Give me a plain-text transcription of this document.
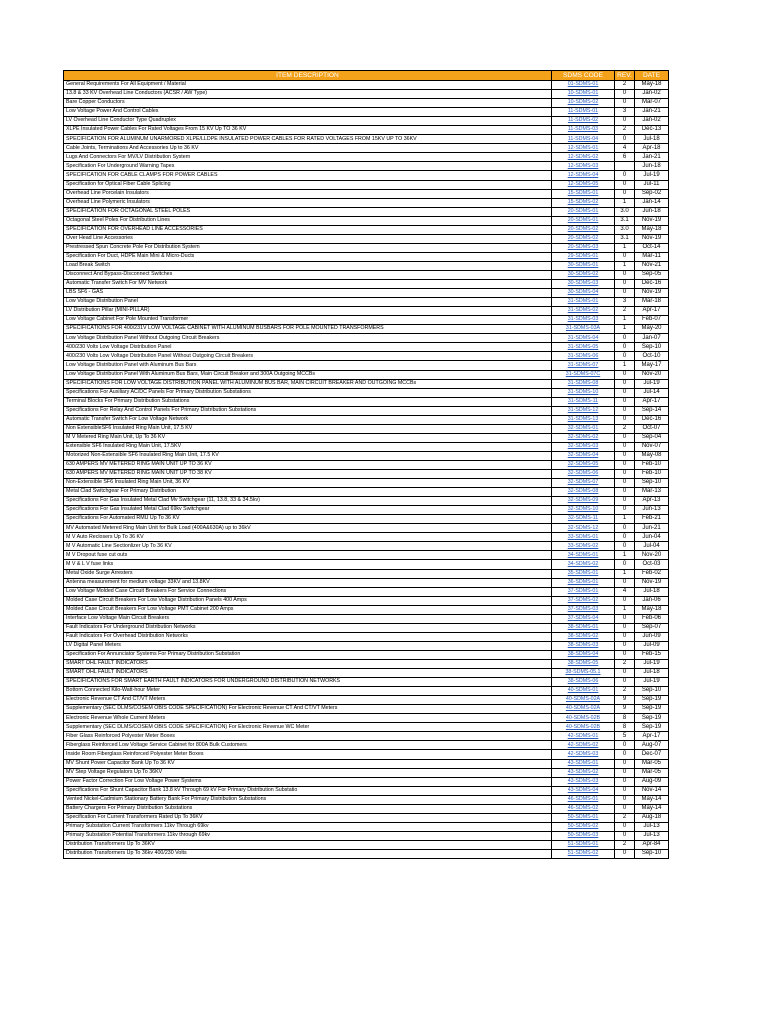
ITEM DESCRIPTION	SDMS CODE	REV.	DATE
General Requirements For All Equipment / Material	01-SDMS-01	2	May-18
13.8 & 33 KV Overhead Line Conductors (ACSR / AW Type)	10-SDMS-01	0	Jan-02
Bare Copper Conductors	10-SDMS-02	0	Mar-07
Low Voltage Power And Control Cables	11-SDMS-01	3	Jan-21
LV Overhead Line Conductor Type Quadruplex	11-SDMS-02	0	Jan-02
XLPE Insulated Power Cables For Rated Voltages From 15 KV Up TO 36 KV	11-SDMS-03	2	Dec-13
SPECIFICATION FOR ALUMINUM UNARMORED XLPE/LLDPE INSULATED POWER CABLES FOR RATED VOLTAGES FROM 15KV UP TO 36KV	11-SDMS-04	0	Jul-18
Cable Joints, Terminations And Accessories Up to 36 KV	12-SDMS-01	4	Apr-18
Lugs And Connectors For MV/LV Distribution System	12-SDMS-02	6	Jan-21
Specification For Underground Warning Tapes	12-SDMS-03		Jun-18
SPECIFICATION FOR CABLE CLAMPS FOR POWER CABLES	12-SDMS-04	0	Jul-19
Specification for Optical Fiber Cable Splicing	12-SDMS-05	0	Jul-11
Overhead Line Porcelain Insulators	15-SDMS-01	0	Sep-02
Overhead Line Polymeric Insulators	15-SDMS-02	1	Jan-14
SPECIFICATION FOR OCTAGONAL STEEL POLES	20-SDMS-01	3.0	Jun-18
Octagonal Steel Poles For Distribution Lines	20-SDMS-01	3.1	Nov-19
SPECIFICATION FOR OVERHEAD LINE ACCESSORIES	20-SDMS-02	3.0	May-18
Over Head Line Accessories	20-SDMS-02	3.1	Nov-19
Prestressed Spun Concrete Pole For Distribution System	20-SDMS-03	1	Oct-14
Specification For Duct, HDPE Main Mini & Micro-Ducts	29-SDMS-01	0	Mar-11
Load Break Switch	30-SDMS-01	1	Nov-21
Disconnect And Bypass-Disconnect Switches	30-SDMS-02	0	Sep-05
Automatic Transfer Switch For MV Network	30-SDMS-03	0	Dec-16
LBS SF6 - GAS	30-SDMS-04	0	Nov-19
Low Voltage Distribution Panel	31-SDMS-01	3	Mar-18
LV Distribution Pillar (MINI-PILLAR)	31-SDMS-02	2	Apr-17
Low Voltage Cabinet For Pole Mounted Transformer	31-SDMS-03	1	Feb-07
SPECIFICATIONS FOR 400/231V LOW VOLTAGE CABINET WITH ALUMINUM BUSBARS FOR POLE MOUNTED TRANSFORMERS	31-SDMS-03A	1	May-20
Low Voltage Distribution Panel Without Outgoing Circuit Breakers	31-SDMS-04	0	Jan-07
400/230 Volts Low Voltage Distribution Panel	31-SDMS-05	0	Sep-10
400/230 Volts Low Voltage Distribution Panel Without Outgoing Circuit Breakers	31-SDMS-06	0	Oct-10
Low Voltage Distribution Panel with Aluminum Bus Bars	31-SDMS-07	1	May-17
Low Voltage Distribution Panel With Aluminum Bus Bars, Main Circuit Breaker and 300A Outgoing MCCBs	31-SDMS-07C	0	Nov-20
SPECIFICATIONS FOR LOW VOLTAGE DISTRIBUTION PANEL WITH ALUMINUM BUS BAR, MAIN CIRCUIT BREAKER AND OUTGOING MCCBs	31-SDMS-08	0	Jul-19
Specifications For Auxiliary AC/DC Panels For Primary Distribution Substations	31-SDMS-10	0	Jul-14
Terminal Blocks For Primary Distribution Substations	31-SDMS-11	0	Apr-17
Specifications For Relay And Control Panels For Primary Distribution Substations	31-SDMS-12	0	Sep-14
Automatic Transfer Switch For Low Voltage Network	31-SDMS-13	0	Dec-16
Non ExtensibleSF6 Insulated Ring Main Unit, 17.5 KV	32-SDMS-01	2	Oct-07
M V Metered Ring Main Unit, Up To 36 KV	32-SDMS-02	0	Sep-04
Extensible SF6 Insulated Ring Main Unit, 17.5KV	32-SDMS-03	0	Nov-07
Motorized Non-Extensible SF6 Insulated Ring Main Unit, 17.5 KV	32-SDMS-04	0	May-08
630 AMPERS MV METERED RING MAIN UNIT UP TO 36 KV	32-SDMS-05	0	Feb-10
630 AMPERS MV METERED RING MAIN UNIT UP TO 38 KV	32-SDMS-06	0	Feb-10
Non-Extensible SF6 Insulated Ring Main Unit, 36 KV	32-SDMS-07	0	Sep-10
Metal Clad Switchgear For Primary Distribution	32-SDMS-08	0	Mar-13
Specifications For Gas Insulated Metal Clad Mv Switchgear (11, 13.8, 33 & 34.5kv)	32-SDMS-09	0	Apr-13
Specifications For Gas Insulated Metal Clad 69kv Switchgear	32-SDMS-10	0	Jun-13
Specifications For Automated RMU Up To 36 KV	32-SDMS-11	1	Feb-21
MV Automated Metered Ring Main Unit for Bulk Load (400A&630A) up to 36kV	32-SDMS-12	0	Jun-21
M V Auto Reclosers Up To 36 KV	33-SDMS-01	0	Jun-04
M V Automatic Line Sectionlizer Up To 36 KV	33-SDMS-02	0	Jul-04
M V Dropout fuse cut outs	34-SDMS-01	1	Nov-20
M V & L V fuse links	34-SDMS-02	0	Oct-03
Metal Oxide Surge Arresters	35-SDMS-01	1	Feb-02
Antenna measurement for medium voltage 33KV and 13.8KV	36-SDMS-01	0	Nov-19
Low Voltage Molded Case Circuit Breakers For Service Connections	37-SDMS-01	4	Jul-18
Molded Case Circuit Breakers For Low Voltage Distribution Panels 400 Amps	37-SDMS-02	0	Jan-06
Molded Case Circuit Breakers For Low Voltage PMT Cabinet 200 Amps	37-SDMS-03	1	May-18
Interface Low Voltage Main Circuit Breakers	37-SDMS-04	0	Feb-06
Fault Indicators For Underground Distribution Networks	38-SDMS-01	0	Sep-07
Fault Indicators For Overhead Distribution Networks	38-SDMS-02	0	Jun-09
LV Digital Panel Meters	38-SDMS-03	0	Jul-09
Specification For Annunciator Systems For Primary Distribution Substation	38-SDMS-04	0	Feb-15
SMART OHL FAULT INDICATORS	38-SDMS-05	2	Jul-19
SMART OHL FAULT INDICATORS	38-SDMS-05.1	0	Jul-18
SPECIFICATIONS FOR SMART EARTH FAULT INDICATORS FOR UNDERGROUND DISTRIBUTION NETWORKS	38-SDMS-06	0	Jul-19
Bottom Connected Kilo-Watt-hour Meter	40-SDMS-01	2	Sep-10
Electronic Revenue CT And CT/VT Meters	40-SDMS-02A	9	Sep-19
Supplementary (SEC DLMS/COSEM OBIS CODE SPECIFICATION) For Electronic Revenue CT And CT/VT Meters	40-SDMS-02A	9	Sep-19
Electronic Revenue Whole Current Meters	40-SDMS-02B	8	Sep-19
Supplementary (SEC DLMS/COSEM OBIS CODE SPECIFICATION) For Electronic Revenue WC Meter	40-SDMS-02B	8	Sep-19
Fiber Glass Reinforced Polyester Meter Boxes	42-SDMS-01	5	Apr-17
Fiberglass Reinforced Low Voltage Service Cabinet for 800A Bulk Customers	42-SDMS-02	0	Aug-07
Inside Room Fiberglass Reinforced Polyester Meter Boxes	42-SDMS-03	0	Dec-07
MV Shunt Power Capacitor Bank Up To 36 KV	43-SDMS-01	0	Mar-05
MV Step Voltage Regulators Up To 36KV	43-SDMS-02	0	Mar-05
Power Factor Correction For Low Voltage Power Systems	43-SDMS-03	0	Aug-09
Specifications For Shunt Capacitor Bank 13.8 kV Through 69 kV For Primary Distribution Substatio	43-SDMS-04	0	Nov-14
Vented Nickel-Cadmium Stationary Battery Bank For Primary Distribution Substations	46-SDMS-01	0	May-14
Battery Chargers For Primary Distribution Substations	46-SDMS-02	0	May-14
Specification For Current Transformers Rated Up To 36KV	50-SDMS-01	2	Aug-18
Primary Substation Current Transformers 11kv Through 69kv	50-SDMS-02	0	Jul-13
Primary Substation Potential Transformers 11kv through 69kv	50-SDMS-03	0	Jul-13
Distribution Transformers Up To 36KV	51-SDMS-01	2	Apr-84
Distribution Transformers Up To 36kv 400/230 Volts	51-SDMS-02	0	Sep-10
